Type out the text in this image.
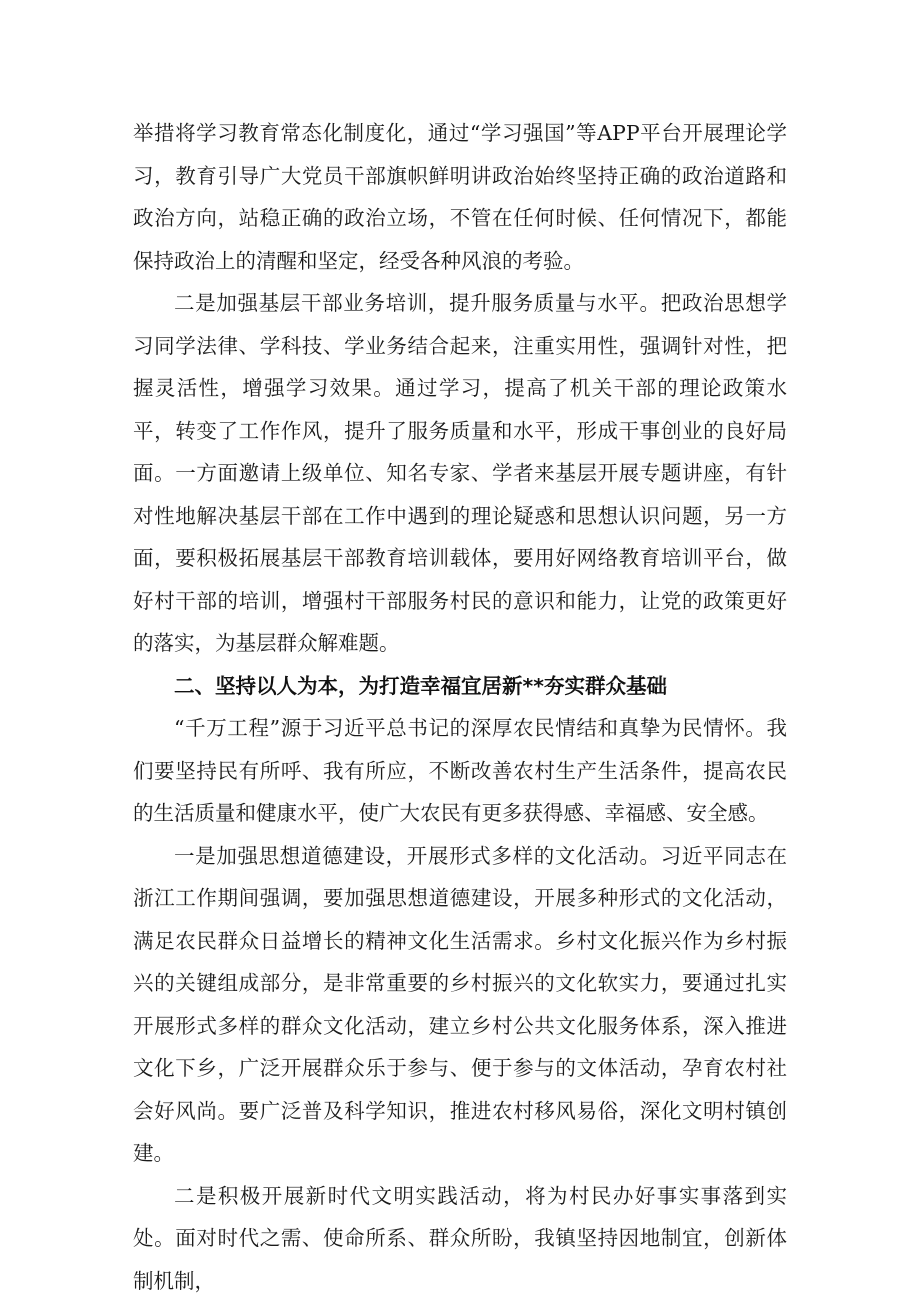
举措将学习教育常态化制度化，通过“学习强国”等APP平台开展理论学习，教育引导广大党员干部旗帜鲜明讲政治始终坚持正确的政治道路和政治方向，站稳正确的政治立场，不管在任何时候、任何情况下，都能保持政治上的清醒和坚定，经受各种风浪的考验。

二是加强基层干部业务培训，提升服务质量与水平。把政治思想学习同学法律、学科技、学业务结合起来，注重实用性，强调针对性，把握灵活性，增强学习效果。通过学习，提高了机关干部的理论政策水平，转变了工作作风，提升了服务质量和水平，形成干事创业的良好局面。一方面邀请上级单位、知名专家、学者来基层开展专题讲座，有针对性地解决基层干部在工作中遇到的理论疑惑和思想认识问题，另一方面，要积极拓展基层干部教育培训载体，要用好网络教育培训平台，做好村干部的培训，增强村干部服务村民的意识和能力，让党的政策更好的落实，为基层群众解难题。

二、坚持以人为本，为打造幸福宜居新**夯实群众基础

“千万工程”源于习近平总书记的深厚农民情结和真挚为民情怀。我们要坚持民有所呼、我有所应，不断改善农村生产生活条件，提高农民的生活质量和健康水平，使广大农民有更多获得感、幸福感、安全感。

一是加强思想道德建设，开展形式多样的文化活动。习近平同志在浙江工作期间强调，要加强思想道德建设，开展多种形式的文化活动，满足农民群众日益增长的精神文化生活需求。乡村文化振兴作为乡村振兴的关键组成部分，是非常重要的乡村振兴的文化软实力，要通过扎实开展形式多样的群众文化活动，建立乡村公共文化服务体系，深入推进文化下乡，广泛开展群众乐于参与、便于参与的文体活动，孕育农村社会好风尚。要广泛普及科学知识，推进农村移风易俗，深化文明村镇创建。

二是积极开展新时代文明实践活动，将为村民办好事实事落到实处。面对时代之需、使命所系、群众所盼，我镇坚持因地制宜，创新体制机制，
